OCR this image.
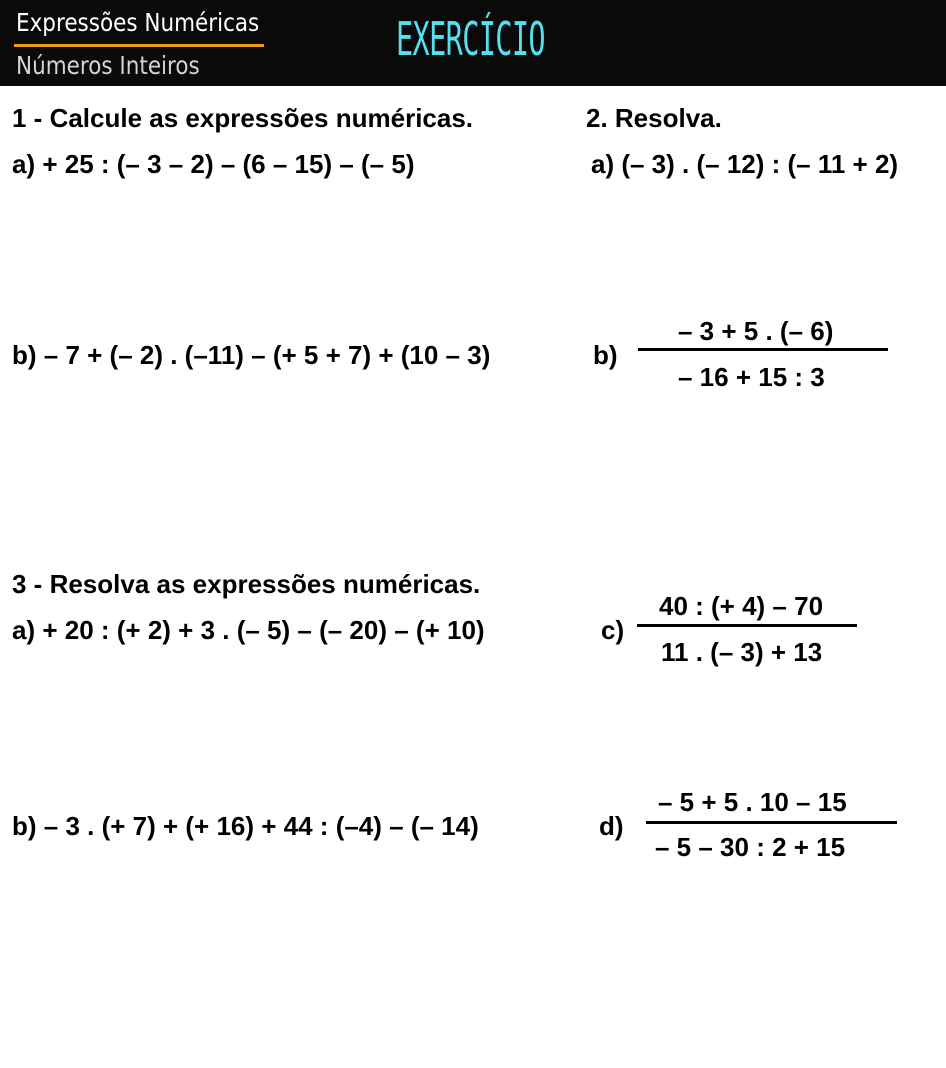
Expressões Numéricas
Números Inteiros	EXERCÍCIO
1 - Calcule as expressões numéricas.
a) + 25 : (– 3 – 2) – (6 – 15) – (– 5)
b) – 7 + (– 2) . (–11) – (+ 5 + 7) + (10 – 3)
2. Resolva.
a) (– 3) . (– 12) : (– 11 + 2)
b)
– 3 + 5 . (– 6)
– 16 + 15 : 3
3 - Resolva as expressões numéricas.
a) + 20 : (+ 2) + 3 . (– 5) – (– 20) – (+ 10)	c)
40 : (+ 4) – 70
11 . (– 3) + 13
b) – 3 . (+ 7) + (+ 16) + 44 : (–4) – (– 14)	d)
– 5 + 5 . 10 – 15
– 5 – 30 : 2 + 15
